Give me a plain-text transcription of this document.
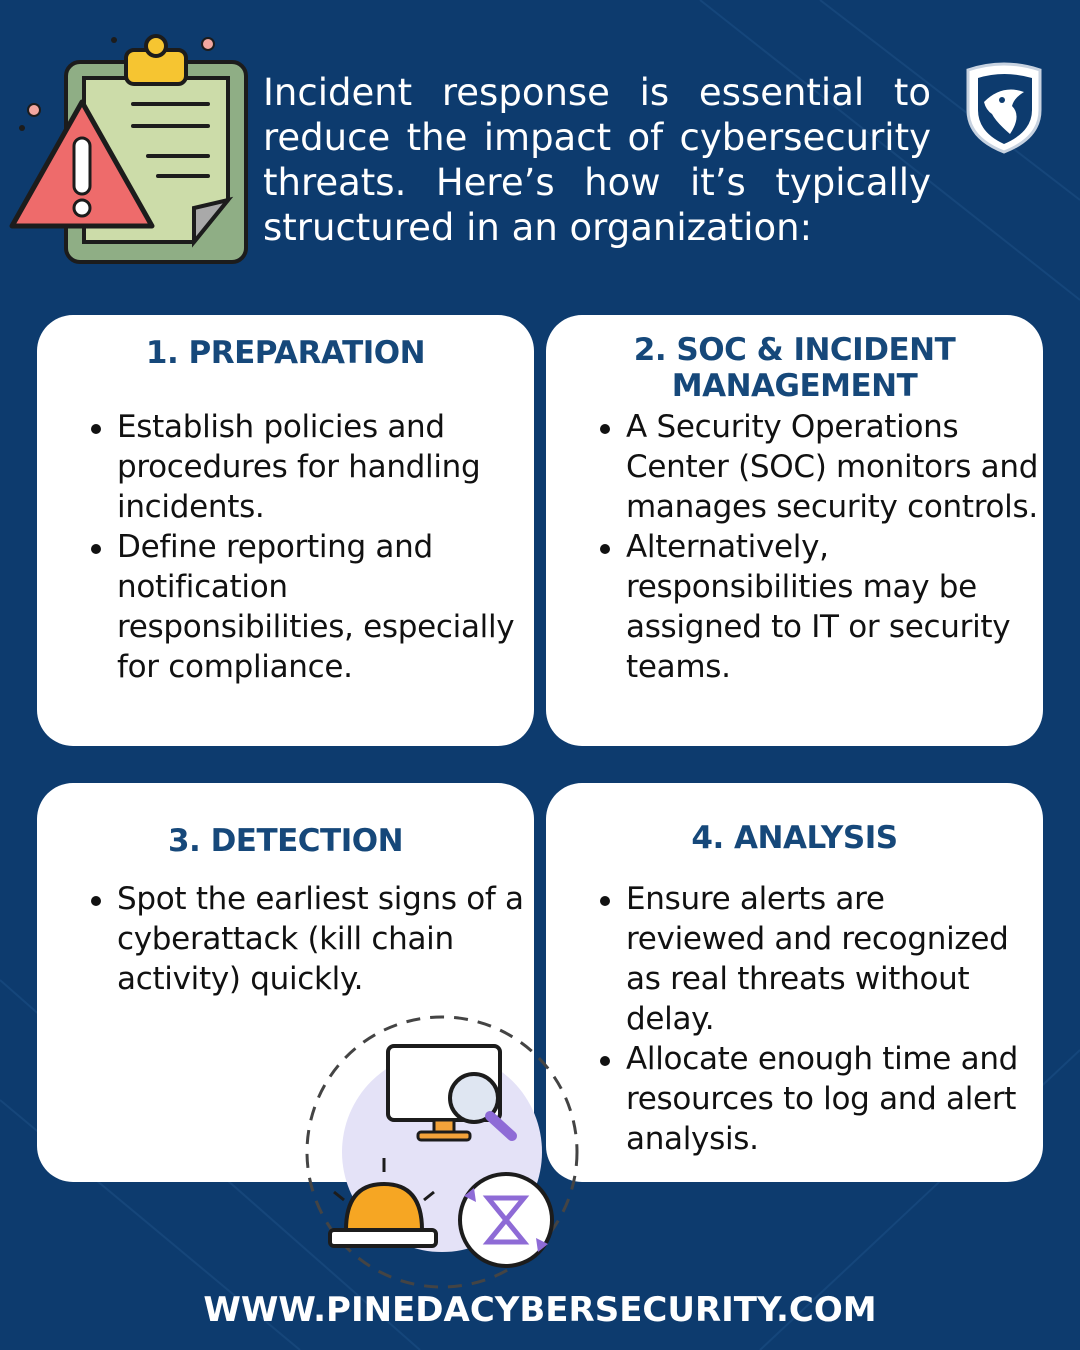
Incident response is essential to reduce the impact of cybersecurity threats. Here’s how it’s typically structured in an organization:
1. PREPARATION
Establish policies and procedures for handling incidents.
Define reporting and notification responsibilities, especially for compliance.
2. SOC & INCIDENT MANAGEMENT
A Security Operations Center (SOC) monitors and manages security controls.
Alternatively, responsibilities may be assigned to IT or security teams.
3. DETECTION
Spot the earliest signs of a cyberattack (kill chain activity) quickly.
4. ANALYSIS
Ensure alerts are reviewed and recognized as real threats without delay.
Allocate enough time and resources to log and alert analysis.
WWW.PINEDACYBERSECURITY.COM
